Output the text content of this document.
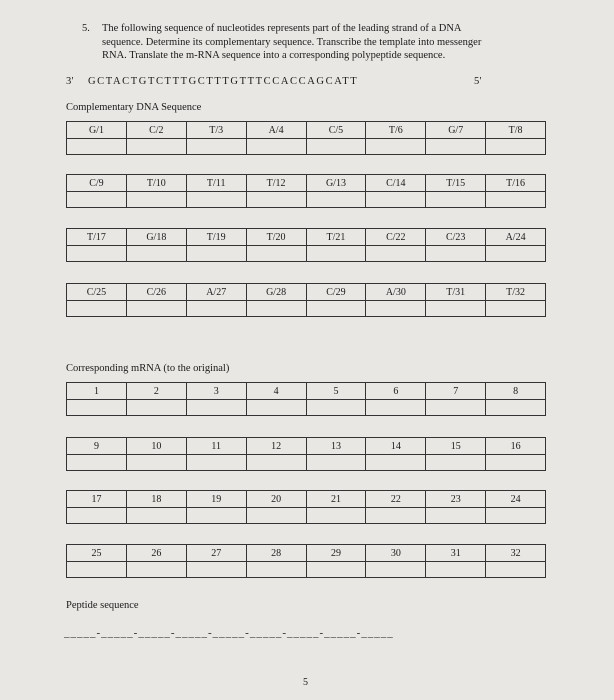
5. The following sequence of nucleotides represents part of the leading strand of a DNA
sequence. Determine its complementary sequence. Transcribe the template into messenger
RNA. Translate the m-RNA sequence into a corresponding polypeptide sequence.
3' GCTACTGTCTTTGCTTTGTTTCCACCAGCATT	5'
Complementary DNA Sequence
G/1	C/2	T/3	A/4	C/5	T/6	G/7	T/8

C/9	T/10	T/11	T/12	G/13	C/14	T/15	T/16

T/17	G/18	T/19	T/20	T/21	C/22	C/23	A/24

C/25	C/26	A/27	G/28	C/29	A/30	T/31	T/32

Corresponding mRNA (to the original)
1	2	3	4	5	6	7	8

9	10	11	12	13	14	15	16

17	18	19	20	21	22	23	24

25	26	27	28	29	30	31	32

Peptide sequence
_____-_____-_____-_____-_____-_____-_____-_____-_____
5
